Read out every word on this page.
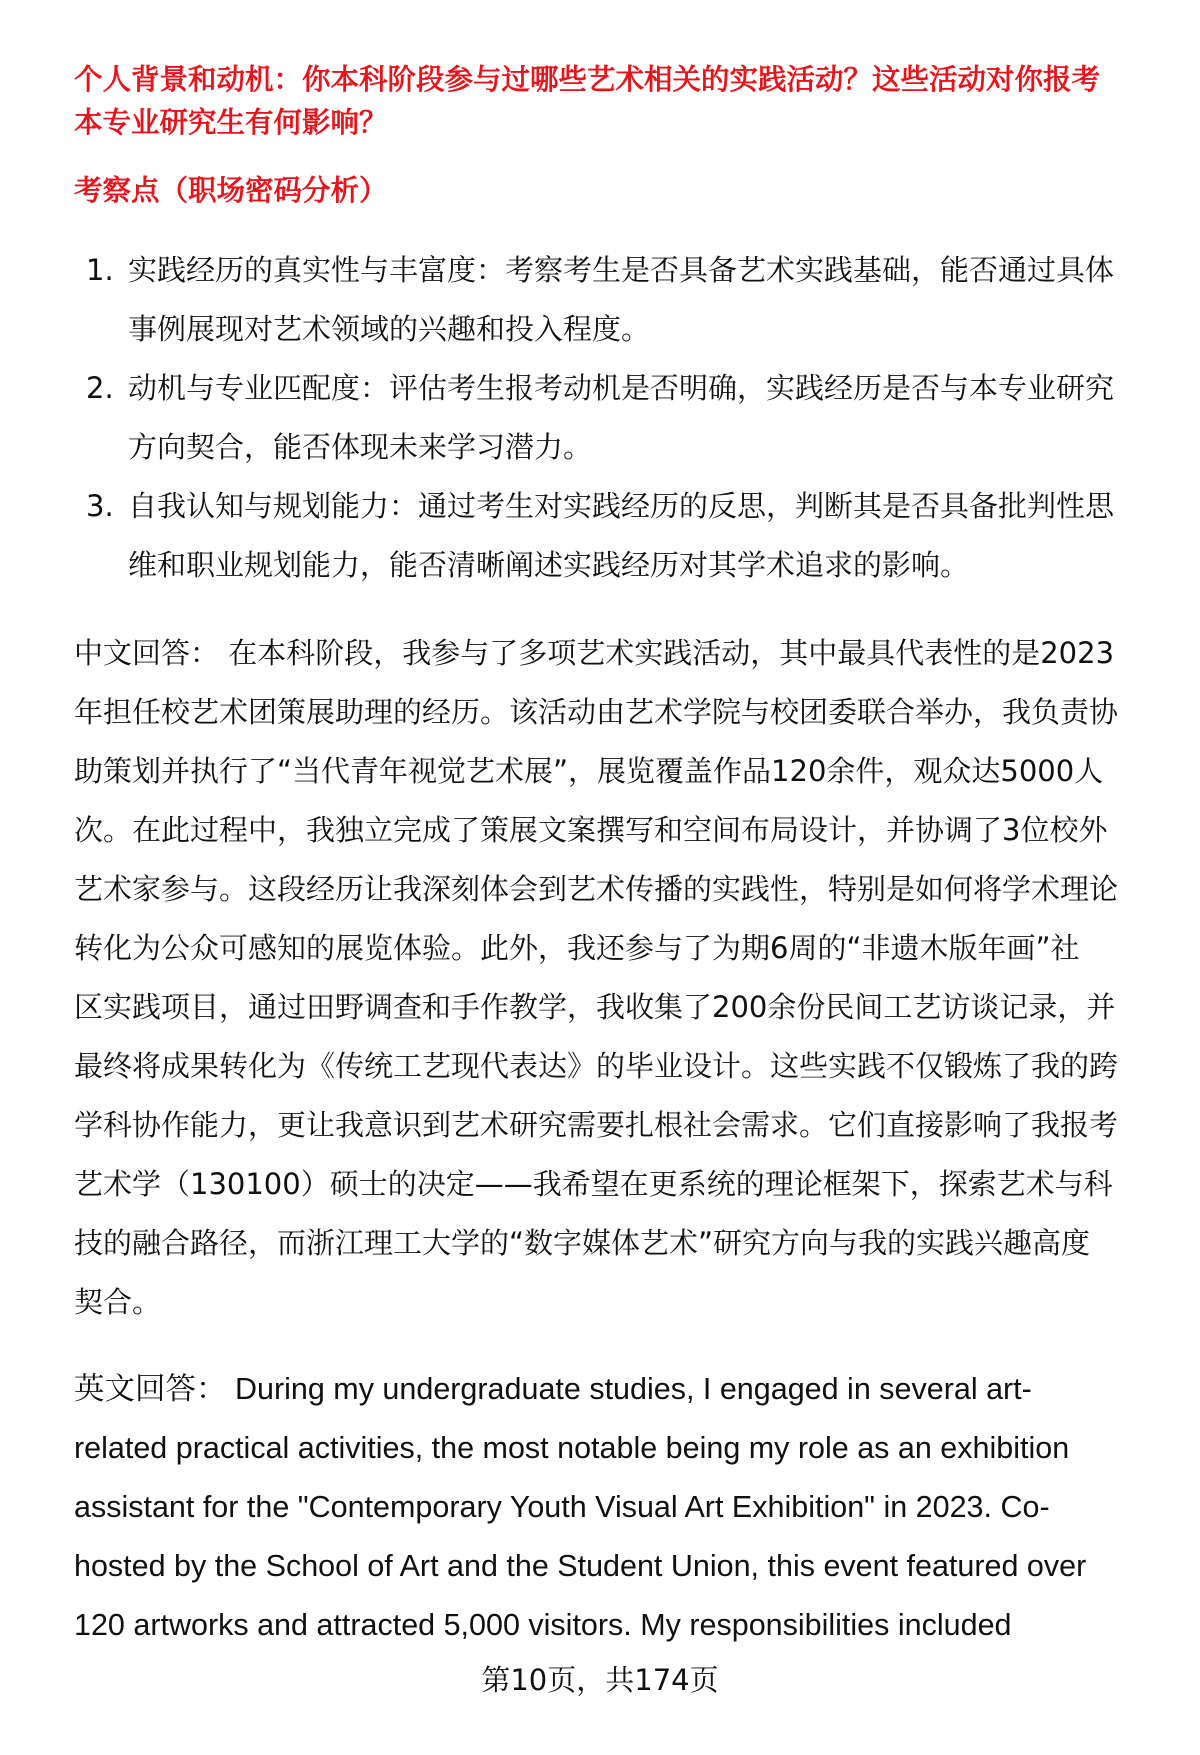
个人背景和动机：你本科阶段参与过哪些艺术相关的实践活动？这些活动对你报考
本专业研究生有何影响？
考察点（职场密码分析）
1. 实践经历的真实性与丰富度：考察考生是否具备艺术实践基础，能否通过具体
事例展现对艺术领域的兴趣和投入程度。
2. 动机与专业匹配度：评估考生报考动机是否明确，实践经历是否与本专业研究
方向契合，能否体现未来学习潜力。
3. 自我认知与规划能力：通过考生对实践经历的反思，判断其是否具备批判性思
维和职业规划能力，能否清晰阐述实践经历对其学术追求的影响。
中文回答： 在本科阶段，我参与了多项艺术实践活动，其中最具代表性的是2023
年担任校艺术团策展助理的经历。该活动由艺术学院与校团委联合举办，我负责协
助策划并执行了“当代青年视觉艺术展”，展览覆盖作品120余件，观众达5000人
次。在此过程中，我独立完成了策展文案撰写和空间布局设计，并协调了3位校外
艺术家参与。这段经历让我深刻体会到艺术传播的实践性，特别是如何将学术理论
转化为公众可感知的展览体验。此外，我还参与了为期6周的“非遗木版年画”社
区实践项目，通过田野调查和手作教学，我收集了200余份民间工艺访谈记录，并
最终将成果转化为《传统工艺现代表达》的毕业设计。这些实践不仅锻炼了我的跨
学科协作能力，更让我意识到艺术研究需要扎根社会需求。它们直接影响了我报考
艺术学（130100）硕士的决定——我希望在更系统的理论框架下，探索艺术与科
技的融合路径，而浙江理工大学的“数字媒体艺术”研究方向与我的实践兴趣高度
契合。
英文回答： During my undergraduate studies, I engaged in several art-
related practical activities, the most notable being my role as an exhibition
assistant for the "Contemporary Youth Visual Art Exhibition" in 2023. Co-
hosted by the School of Art and the Student Union, this event featured over
120 artworks and attracted 5,000 visitors. My responsibilities included
第10页，共174页
